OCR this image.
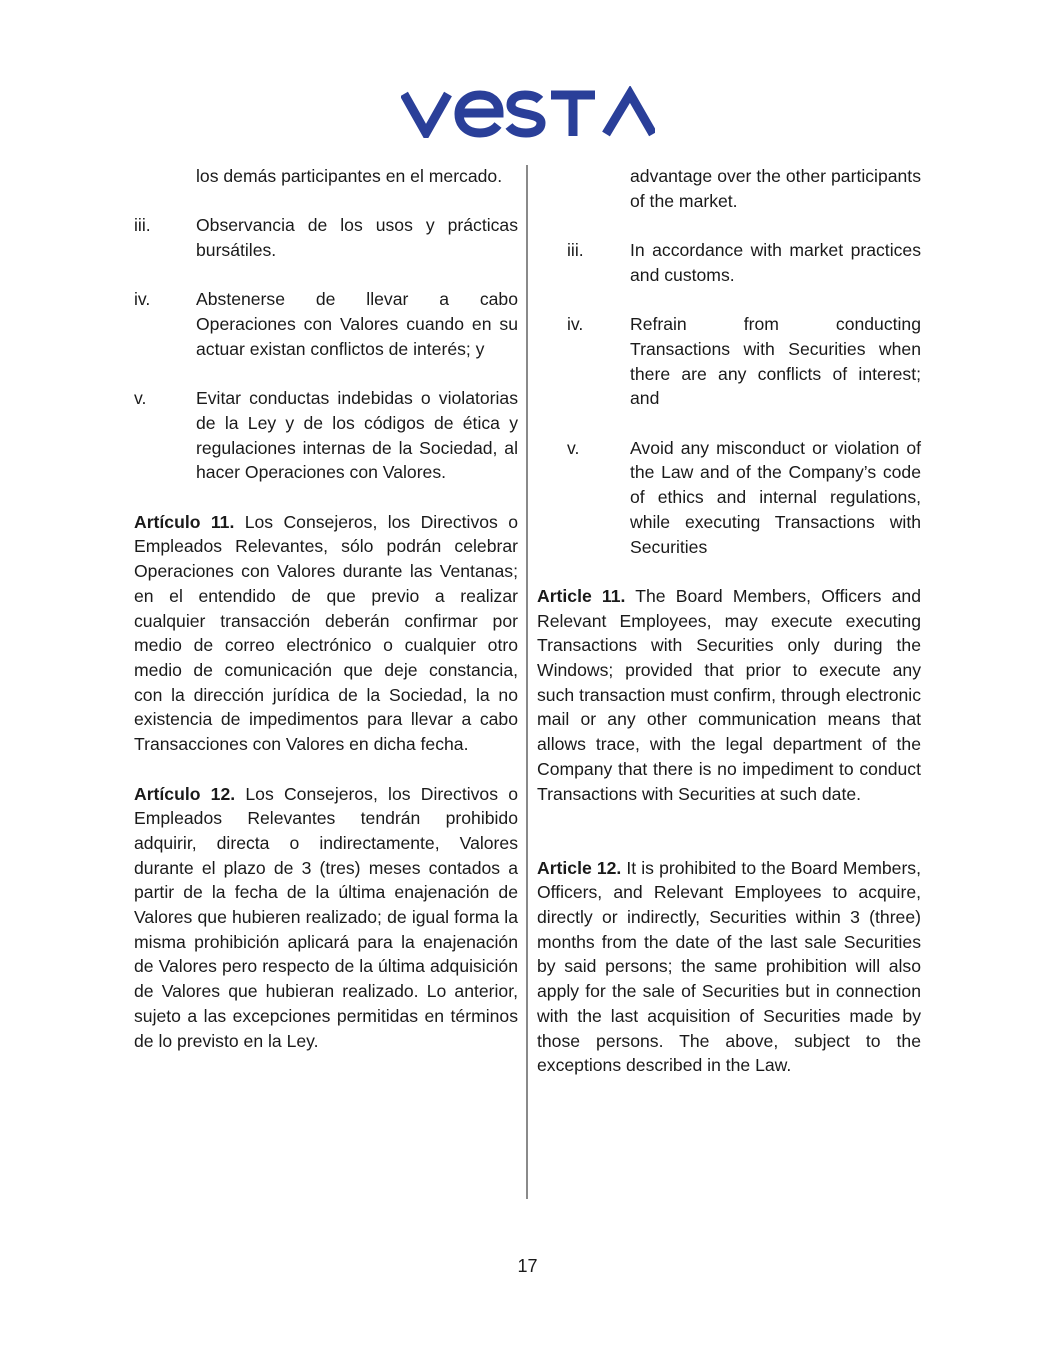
los demás participantes en el mercado.
iii.	Observancia de los usos y prácticas bursátiles.
iv.	Abstenerse de llevar a cabo Operaciones con Valores cuando en su actuar existan conflictos de interés; y
v.	Evitar conductas indebidas o violatorias de la Ley y de los códigos de ética y regulaciones internas de la Sociedad, al hacer Operaciones con Valores.

Artículo 11. Los Consejeros, los Directivos o Empleados Relevantes, sólo podrán celebrar Operaciones con Valores durante las Ventanas; en el entendido de que previo a realizar cualquier transacción deberán confirmar por medio de correo electrónico o cualquier otro medio de comunicación que deje constancia, con la dirección jurídica de la Sociedad, la no existencia de impedimentos para llevar a cabo Transacciones con Valores en dicha fecha.

Artículo 12. Los Consejeros, los Directivos o Empleados Relevantes tendrán prohibido adquirir, directa o indirectamente, Valores durante el plazo de 3 (tres) meses contados a partir de la fecha de la última enajenación de Valores que hubieren realizado; de igual forma la misma prohibición aplicará para la enajenación de Valores pero respecto de la última adquisición de Valores que hubieran realizado. Lo anterior, sujeto a las excepciones permitidas en términos de lo previsto en la Ley.

advantage over the other participants of the market.
iii.	In accordance with market practices and customs.
iv.	Refrain from conducting Transactions with Securities when there are any conflicts of interest; and
v.	Avoid any misconduct or violation of the Law and of the Company’s code of ethics and internal regulations, while executing Transactions with Securities

Article 11. The Board Members, Officers and Relevant Employees, may execute executing Transactions with Securities only during the Windows; provided that prior to execute any such transaction must confirm, through electronic mail or any other communication means that allows trace, with the legal department of the Company that there is no impediment to conduct Transactions with Securities at such date.

Article 12. It is prohibited to the Board Members, Officers, and Relevant Employees to acquire, directly or indirectly, Securities within 3 (three) months from the date of the last sale Securities by said persons; the same prohibition will also apply for the sale of Securities but in connection with the last acquisition of Securities made by those persons. The above, subject to the exceptions described in the Law.

17
